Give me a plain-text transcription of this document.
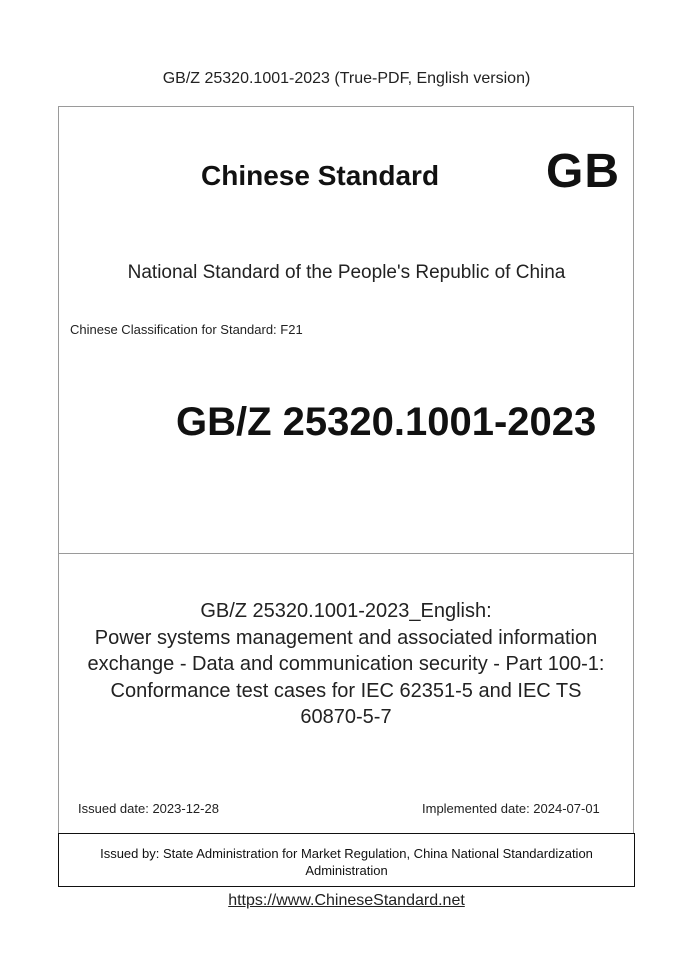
GB/Z 25320.1001-2023 (True-PDF, English version)
Chinese Standard GB
National Standard of the People's Republic of China
Chinese Classification for Standard: F21
GB/Z 25320.1001-2023
GB/Z 25320.1001-2023_English:
Power systems management and associated information
exchange - Data and communication security - Part 100-1:
Conformance test cases for IEC 62351-5 and IEC TS
60870-5-7
Issued date: 2023-12-28	Implemented date: 2024-07-01
Issued by: State Administration for Market Regulation, China National Standardization
Administration
https://www.ChineseStandard.net
